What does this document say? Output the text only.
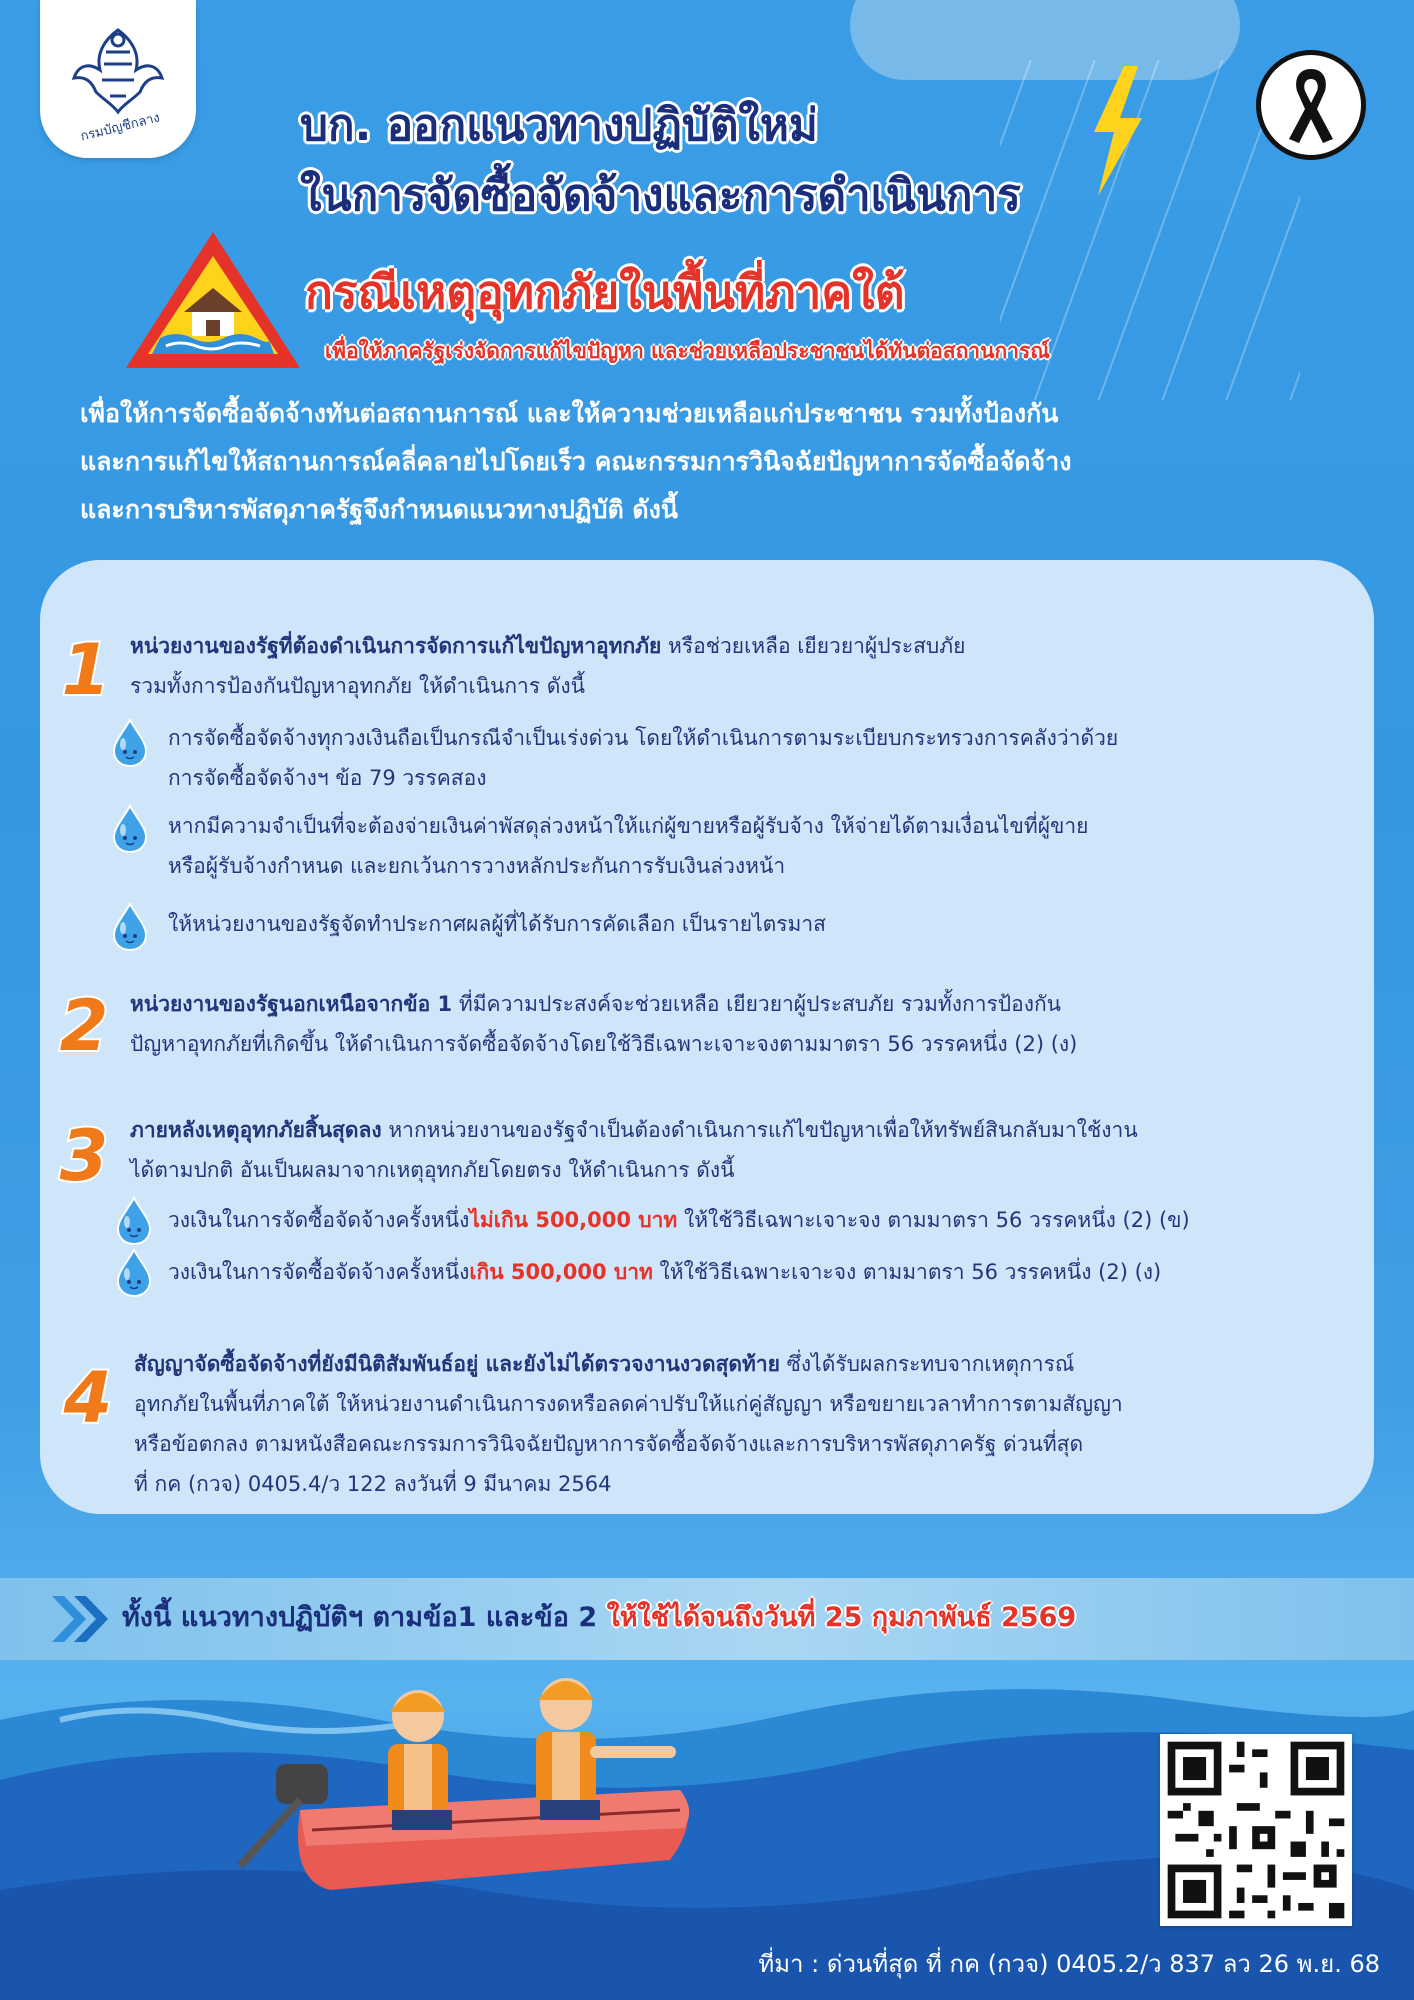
กรมบัญชีกลาง	บก. ออกแนวทางปฏิบัติใหม่
ในการจัดซื้อจัดจ้างและการดำเนินการ
กรณีเหตุอุทกภัยในพื้นที่ภาคใต้
เพื่อให้ภาครัฐเร่งจัดการแก้ไขปัญหา และช่วยเหลือประชาชนได้ทันต่อสถานการณ์
เพื่อให้การจัดซื้อจัดจ้างทันต่อสถานการณ์ และให้ความช่วยเหลือแก่ประชาชน รวมทั้งป้องกัน
และการแก้ไขให้สถานการณ์คลี่คลายไปโดยเร็ว คณะกรรมการวินิจฉัยปัญหาการจัดซื้อจัดจ้าง
และการบริหารพัสดุภาครัฐจึงกำหนดแนวทางปฏิบัติ ดังนี้
1 หน่วยงานของรัฐที่ต้องดำเนินการจัดการแก้ไขปัญหาอุทกภัย หรือช่วยเหลือ เยียวยาผู้ประสบภัย
รวมทั้งการป้องกันปัญหาอุทกภัย ให้ดำเนินการ ดังนี้
การจัดซื้อจัดจ้างทุกวงเงินถือเป็นกรณีจำเป็นเร่งด่วน โดยให้ดำเนินการตามระเบียบกระทรวงการคลังว่าด้วย
การจัดซื้อจัดจ้างฯ ข้อ 79 วรรคสอง
หากมีความจำเป็นที่จะต้องจ่ายเงินค่าพัสดุล่วงหน้าให้แก่ผู้ขายหรือผู้รับจ้าง ให้จ่ายได้ตามเงื่อนไขที่ผู้ขาย
หรือผู้รับจ้างกำหนด และยกเว้นการวางหลักประกันการรับเงินล่วงหน้า
ให้หน่วยงานของรัฐจัดทำประกาศผลผู้ที่ได้รับการคัดเลือก เป็นรายไตรมาส
2 หน่วยงานของรัฐนอกเหนือจากข้อ 1 ที่มีความประสงค์จะช่วยเหลือ เยียวยาผู้ประสบภัย รวมทั้งการป้องกัน
ปัญหาอุทกภัยที่เกิดขึ้น ให้ดำเนินการจัดซื้อจัดจ้างโดยใช้วิธีเฉพาะเจาะจงตามมาตรา 56 วรรคหนึ่ง (2) (ง)
3 ภายหลังเหตุอุทกภัยสิ้นสุดลง หากหน่วยงานของรัฐจำเป็นต้องดำเนินการแก้ไขปัญหาเพื่อให้ทรัพย์สินกลับมาใช้งาน
ได้ตามปกติ อันเป็นผลมาจากเหตุอุทกภัยโดยตรง ให้ดำเนินการ ดังนี้
วงเงินในการจัดซื้อจัดจ้างครั้งหนึ่งไม่เกิน 500,000 บาท ให้ใช้วิธีเฉพาะเจาะจง ตามมาตรา 56 วรรคหนึ่ง (2) (ข)
วงเงินในการจัดซื้อจัดจ้างครั้งหนึ่งเกิน 500,000 บาท ให้ใช้วิธีเฉพาะเจาะจง ตามมาตรา 56 วรรคหนึ่ง (2) (ง)
4 สัญญาจัดซื้อจัดจ้างที่ยังมีนิติสัมพันธ์อยู่ และยังไม่ได้ตรวจงานงวดสุดท้าย ซึ่งได้รับผลกระทบจากเหตุการณ์
อุทกภัยในพื้นที่ภาคใต้ ให้หน่วยงานดำเนินการงดหรือลดค่าปรับให้แก่คู่สัญญา หรือขยายเวลาทำการตามสัญญา
หรือข้อตกลง ตามหนังสือคณะกรรมการวินิจฉัยปัญหาการจัดซื้อจัดจ้างและการบริหารพัสดุภาครัฐ ด่วนที่สุด
ที่ กค (กวจ) 0405.4/ว 122 ลงวันที่ 9 มีนาคม 2564
ทั้งนี้ แนวทางปฏิบัติฯ ตามข้อ1 และข้อ 2 ให้ใช้ได้จนถึงวันที่ 25 กุมภาพันธ์ 2569
ที่มา : ด่วนที่สุด ที่ กค (กวจ) 0405.2/ว 837 ลว 26 พ.ย. 68
